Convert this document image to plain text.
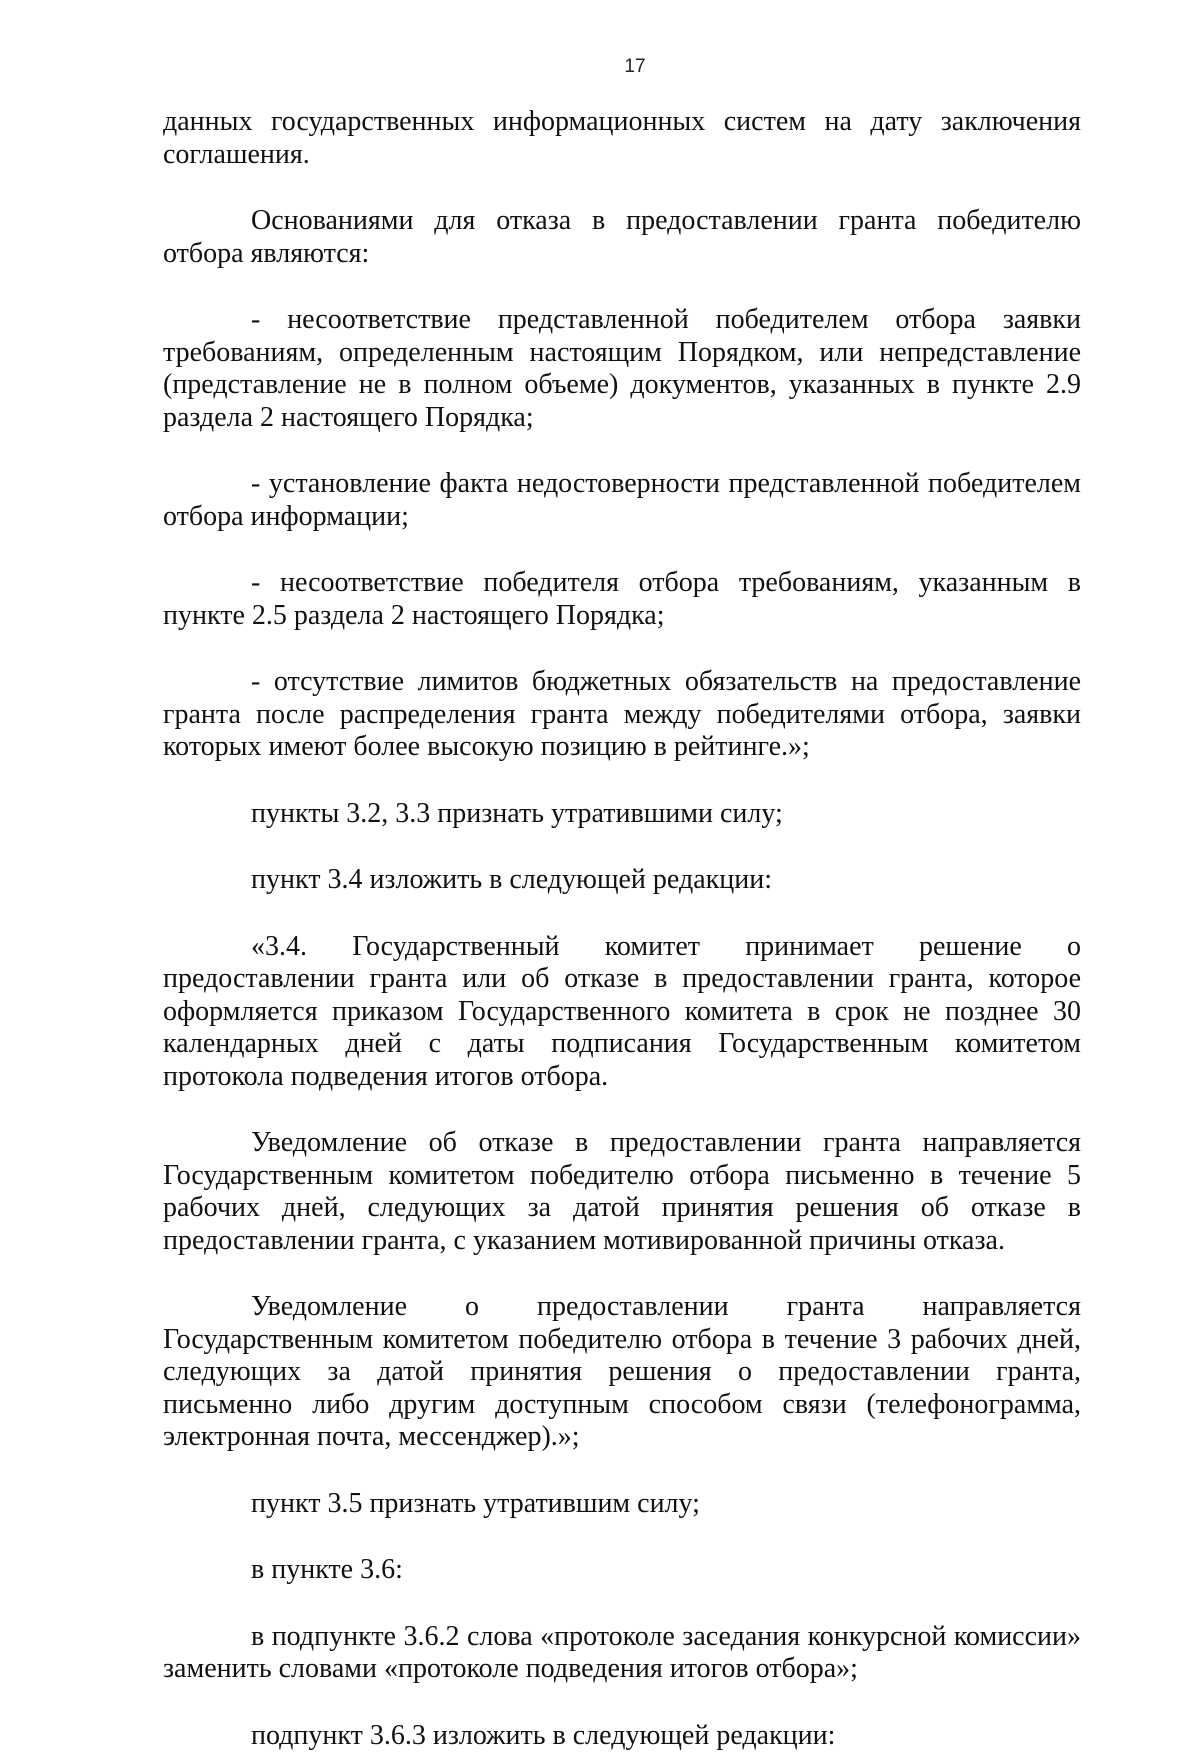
17

данных государственных информационных систем на дату заключения соглашения.

Основаниями для отказа в предоставлении гранта победителю отбора являются:

- несоответствие представленной победителем отбора заявки требованиям, определенным настоящим Порядком, или непредставление (представление не в полном объеме) документов, указанных в пункте 2.9 раздела 2 настоящего Порядка;

- установление факта недостоверности представленной победителем отбора информации;

- несоответствие победителя отбора требованиям, указанным в пункте 2.5 раздела 2 настоящего Порядка;

- отсутствие лимитов бюджетных обязательств на предоставление гранта после распределения гранта между победителями отбора, заявки которых имеют более высокую позицию в рейтинге.»;

пункты 3.2, 3.3 признать утратившими силу;

пункт 3.4 изложить в следующей редакции:

«3.4. Государственный комитет принимает решение о предоставлении гранта или об отказе в предоставлении гранта, которое оформляется приказом Государственного комитета в срок не позднее 30 календарных дней с даты подписания Государственным комитетом протокола подведения итогов отбора.

Уведомление об отказе в предоставлении гранта направляется Государственным комитетом победителю отбора письменно в течение 5 рабочих дней, следующих за датой принятия решения об отказе в предоставлении гранта, с указанием мотивированной причины отказа.

Уведомление о предоставлении гранта направляется Государственным комитетом победителю отбора в течение 3 рабочих дней, следующих за датой принятия решения о предоставлении гранта, письменно либо другим доступным способом связи (телефонограмма, электронная почта, мессенджер).»;

пункт 3.5 признать утратившим силу;

в пункте 3.6:

в подпункте 3.6.2 слова «протоколе заседания конкурсной комиссии» заменить словами «протоколе подведения итогов отбора»;

подпункт 3.6.3 изложить в следующей редакции:
